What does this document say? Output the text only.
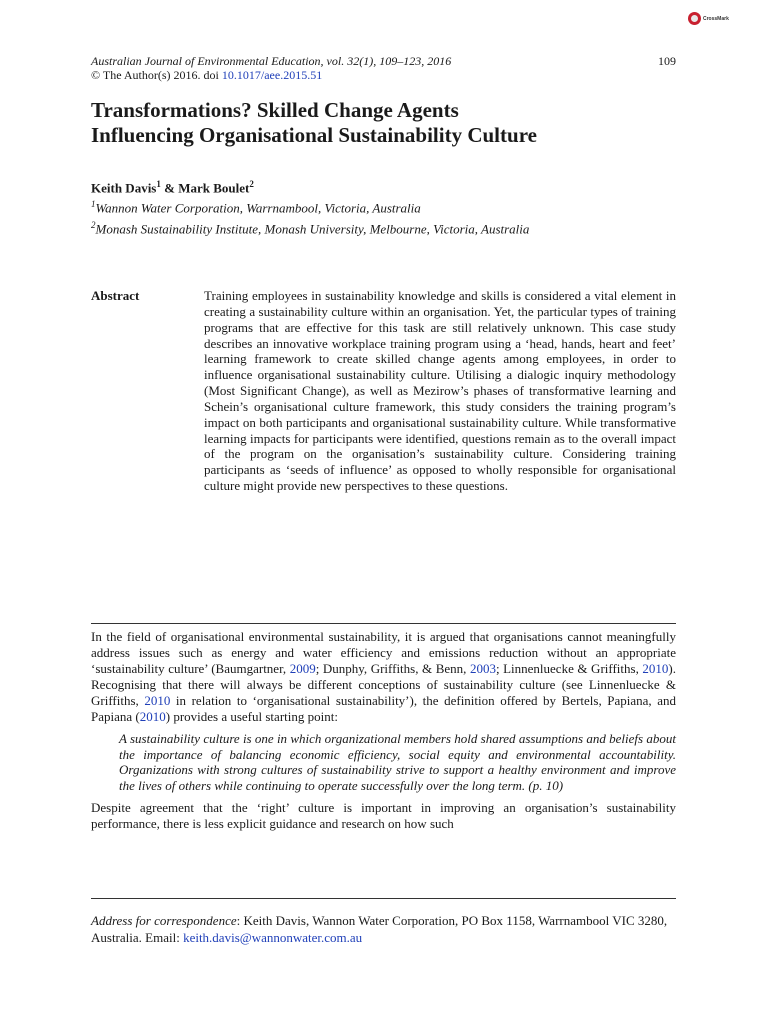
CrossMark
Australian Journal of Environmental Education, vol. 32(1), 109–123, 2016	109
© The Author(s) 2016. doi 10.1017/aee.2015.51
Transformations? Skilled Change Agents
Influencing Organisational Sustainability Culture
Keith Davis$^1$ & Mark Boulet$^2$
$^1$Wannon Water Corporation, Warrnambool, Victoria, Australia
$^2$Monash Sustainability Institute, Monash University, Melbourne, Victoria, Australia
Abstract	Training employees in sustainability knowledge and skills is considered a vital element in creating a sustainability culture within an organisation. Yet, the particular types of training programs that are effective for this task are still relatively unknown. This case study describes an innovative workplace training program using a ‘head, hands, heart and feet’ learning framework to create skilled change agents among employees, in order to influence organisational sustainability culture. Utilising a dialogic inquiry methodology (Most Significant Change), as well as Mezirow’s phases of transformative learning and Schein’s organisational culture framework, this study considers the training program’s impact on both participants and organisational sustainability culture. While transformative learning impacts for participants were identified, questions remain as to the overall impact of the program on the organisation’s sustainability culture. Considering training participants as ‘seeds of influence’ as opposed to wholly responsible for organisational culture might provide new perspectives to these questions.

In the field of organisational environmental sustainability, it is argued that organisations cannot meaningfully address issues such as energy and water efficiency and emissions reduction without an appropriate ‘sustainability culture’ (Baumgartner, 2009; Dunphy, Griffiths, & Benn, 2003; Linnenluecke & Griffiths, 2010). Recognising that there will always be different conceptions of sustainability culture (see Linnenluecke & Griffiths, 2010 in relation to ‘organisational sustainability’), the definition offered by Bertels, Papiana, and Papiana (2010) provides a useful starting point:

A sustainability culture is one in which organizational members hold shared assumptions and beliefs about the importance of balancing economic efficiency, social equity and environmental accountability. Organizations with strong cultures of sustainability strive to support a healthy environment and improve the lives of others while continuing to operate successfully over the long term. (p. 10)

Despite agreement that the ‘right’ culture is important in improving an organisation’s sustainability performance, there is less explicit guidance and research on how such

Address for correspondence: Keith Davis, Wannon Water Corporation, PO Box 1158, Warrnambool VIC 3280, Australia. Email: keith.davis@wannonwater.com.au
